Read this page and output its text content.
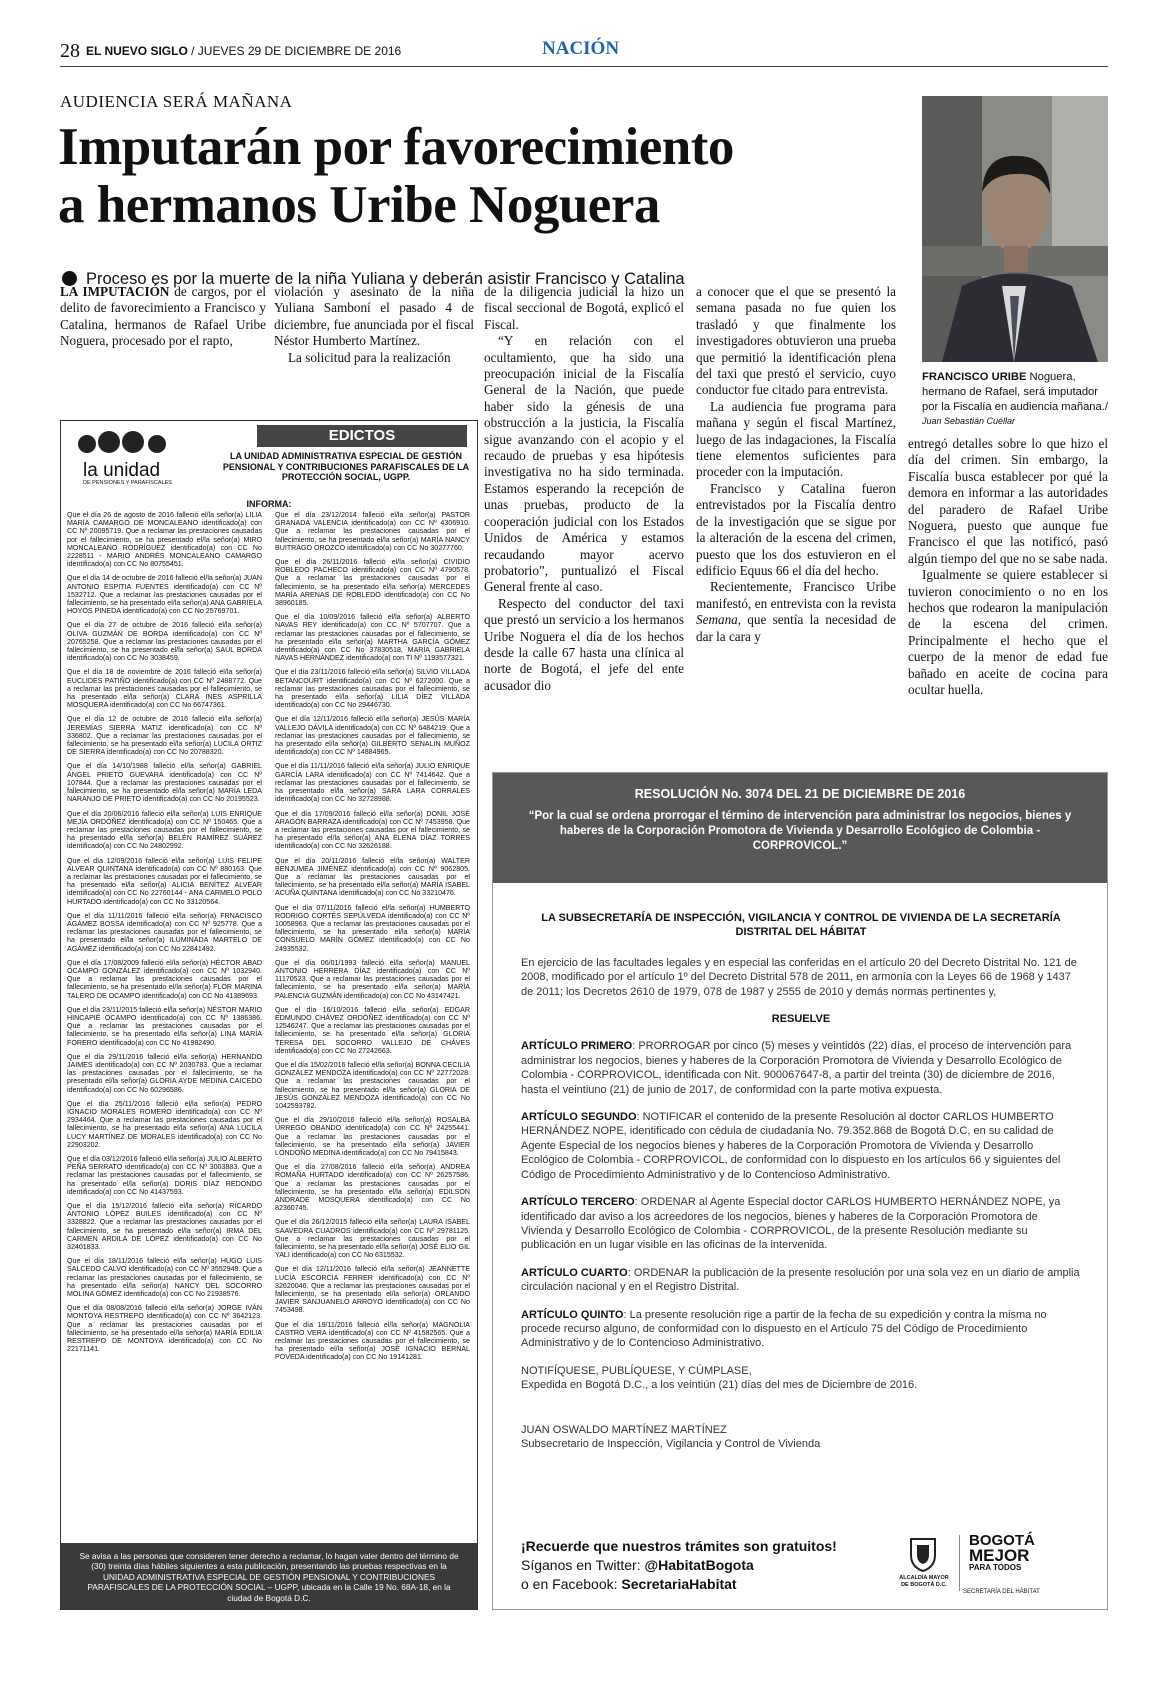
28 EL NUEVO SIGLO / JUEVES 29 DE DICIEMBRE DE 2016	NACIÓN
AUDIENCIA SERÁ MAÑANA
Imputarán por favorecimiento
a hermanos Uribe Noguera
Proceso es por la muerte de la niña Yuliana y deberán asistir Francisco y Catalina
FRANCISCO URIBE Noguera, hermano de Rafael, será imputador por la Fiscalía en audiencia mañana./
Juan Sebastián Cuéllar

LA IMPUTACIÓN de cargos, por el delito de favorecimiento a Francisco y Catalina, hermanos de Rafael Uribe Noguera, procesado por el rapto,

violación y asesinato de la niña Yuliana Samboní el pasado 4 de diciembre, fue anunciada por el fiscal Néstor Humberto Martínez.

La solicitud para la realización

de la diligencia judicial la hizo un fiscal seccional de Bogotá, explicó el Fiscal.

“Y en relación con el ocultamiento, que ha sido una preocupación inicial de la Fiscalía General de la Nación, que puede haber sido la génesis de una obstrucción a la justicia, la Fiscalía sigue avanzando con el acopio y el recaudo de pruebas y esa hipótesis investigativa no ha sido terminada. Estamos esperando la recepción de unas pruebas, producto de la cooperación judicial con los Estados Unidos de América y estamos recaudando mayor acervo probatorio”, puntualizó el Fiscal General frente al caso.

Respecto del conductor del taxi que prestó un servicio a los hermanos Uribe Noguera el día de los hechos desde la calle 67 hasta una clínica al norte de Bogotá, el jefe del ente acusador dio

a conocer que el que se presentó la semana pasada no fue quien los trasladó y que finalmente los investigadores obtuvieron una prueba que permitió la identificación plena del taxi que prestó el servicio, cuyo conductor fue citado para entrevista.

La audiencia fue programa para mañana y según el fiscal Martínez, luego de las indagaciones, la Fiscalía tiene elementos suficientes para proceder con la imputación.

Francisco y Catalina fueron entrevistados por la Fiscalía dentro de la investigación que se sigue por la alteración de la escena del crimen, puesto que los dos estuvieron en el edificio Equus 66 el día del hecho.

Recientemente, Francisco Uribe manifestó, en entrevista con la revista Semana, que sentía la necesidad de dar la cara y

entregó detalles sobre lo que hizo el día del crimen. Sin embargo, la Fiscalía busca establecer por qué la demora en informar a las autoridades del paradero de Rafael Uribe Noguera, puesto que aunque fue Francisco el que las notificó, pasó algún tiempo del que no se sabe nada.

Igualmente se quiere establecer si tuvieron conocimiento o no en los hechos que rodearon la manipulación de la escena del crimen. Principalmente el hecho que el cuerpo de la menor de edad fue bañado en aceite de cocina para ocultar huella.

la unidad
DE PENSIONES Y PARAFISCALES
EDICTOS
LA UNIDAD ADMINISTRATIVA ESPECIAL DE GESTIÓN PENSIONAL Y CONTRIBUCIONES PARAFISCALES DE LA PROTECCIÓN SOCIAL, UGPP.
INFORMA:

Que el día 26 de agosto de 2016 falleció el/la señor(a) LILIA MARÍA CAMARGO DE MONCALEANO identificado(a) con CC Nº 20095719. Que a reclamar las prestaciones causadas por el fallecimiento, se ha presentado el/la señor(a) MIRO MONCALEANO RODRÍGUEZ identificado(a) con CC No 2228511 - MARIO ANDRÉS MONCALEANO CAMARGO identificado(a) con CC No 80755451.

Que el día 14 de octubre de 2016 falleció el/la señor(a) JUAN ANTONIO ESPITIA FUENTES identificado(a) con CC Nº 1532712. Que a reclamar las prestaciones causadas por el fallecimiento, se ha presentado el/la señor(a) ANA GABRIELA HOYOS PINEDA identificado(a) con CC No 25769701.

Que el día 27 de octubre de 2016 falleció el/la señor(a) OLIVA GUZMÁN DE BORDA identificado(a) con CC Nº 20765258. Que a reclamar las prestaciones causadas por el fallecimiento, se ha presentado el/la señor(a) SAÚL BORDA identificado(a) con CC No 3038459.

Que el día 18 de noviembre de 2016 falleció el/la señor(a) EUCLIDES PATIÑO identificado(a) con CC Nº 2488772. Que a reclamar las prestaciones causadas por el fallecimiento, se ha presentado el/la señor(a) CLARA INES ASPRILLA MOSQUERA identificado(a) con CC No 66747361.

Que el día 12 de octubre de 2016 falleció el/la señor(a) JEREMÍAS SIERRA MATIZ identificado(a) con CC Nº 336802. Que a reclamar las prestaciones causadas por el fallecimiento, se ha presentado el/la señor(a) LUCILA ORTIZ DE SIERRA identificado(a) con CC No 20788320.

Que el día 14/10/1988 falleció el/la señor(a) GABRIEL ÁNGEL PRIETO GUEVARA identificado(a) con CC Nº 107844. Que a reclamar las prestaciones causadas por el fallecimiento, se ha presentado el/la señor(a) MARÍA LEDA NARANJO DE PRIETO identificado(a) con CC No 20195523.

Que el día 20/06/2016 falleció el/la señor(a) LUIS ENRIQUE MEJÍA ORDÓÑEZ identificado(a) con CC Nº 150465. Que a reclamar las prestaciones causadas por el fallecimiento, se ha presentado el/la señor(a) BELÉN RAMÍREZ SUÁREZ identificado(a) con CC No 24802992.

Que el día 12/09/2016 falleció el/la señor(a) LUIS FELIPE ALVEAR QUINTANA identificado(a) con CC Nº 880163. Que a reclamar las prestaciones causadas por el fallecimiento, se ha presentado el/la señor(a) ALICIA BENÍTEZ ALVEAR identificado(a) con CC No 22760144 - ANA CARMELO POLO HURTADO identificado(a) con CC No 33120564.

Que el día 11/11/2016 falleció el/la señor(a) FRNACISCO AGÁMEZ BOSSA identificado(a) con CC Nº 925778. Que a reclamar las prestaciones causadas por el fallecimiento, se ha presentado el/la señor(a) ILUMINADA MARTELO DE AGÁMEZ identificado(a) con CC No 22841492.

Que el día 17/08/2009 falleció el/la señor(a) HÉCTOR ABAD OCAMPO GONZÁLEZ identificado(a) con CC Nº 1032940. Que a reclamar las prestaciones causadas por el fallecimiento, se ha presentado el/la señor(a) FLOR MARINA TALERO DE OCAMPO identificado(a) con CC No 41389693.

Que el día 23/11/2015 falleció el/la señor(a) NÉSTOR MARIO HINCAPIÉ OCAMPO identificado(a) con CC Nº 1386386. Que a reclamar las prestaciones causadas por el fallecimiento, se ha presentado el/la señor(a) LINA MARÍA FORERO identificado(a) con CC No 41982490.

Que el día 29/11/2016 falleció el/la señor(a) HERNANDO JAIMES identificado(a) con CC Nº 2030783. Que a reclamar las prestaciones causadas por el fallecimiento, se ha presentado el/la señor(a) GLORIA AYDE MEDINA CAICEDO identificado(a) con CC No 60296586.

Que el día 25/11/2016 falleció el/la señor(a) PEDRO IGNACIO MORALES ROMERO identificado(a) con CC Nº 2934464. Que a reclamar las prestaciones causadas por el fallecimiento, se ha presentado el/la señor(a) ANA LUCILA LUCY MARTÍNEZ DE MORALES identificado(a) con CC No 22903202.

Que el día 03/12/2016 falleció el/la señor(a) JULIO ALBERTO PEÑA SERRATO identificado(a) con CC Nº 3003883. Que a reclamar las prestaciones causadas por el fallecimiento, se ha presentado el/la señor(a) DORIS DÍAZ REDONDO identificado(a) con CC No 41437593.

Que el día 15/12/2016 falleció el/la señor(a) RICARDO ANTONIO LÓPEZ BUILES identificado(a) con CC Nº 3328822. Que a reclamar las prestaciones causadas por el fallecimiento, se ha presentado el/la señor(a) IRMA DEL CARMEN ARDILA DE LÓPEZ identificado(a) con CC No 32401833.

Que el día 18/11/2016 falleció el/la señor(a) HUGO LUIS SALCEDO CALVO identificado(a) con CC Nº 3552949. Que a reclamar las prestaciones causadas por el fallecimiento, se ha presentado el/la señor(a) NANCY DEL SOCORRO MOLINA GÓMEZ identificado(a) con CC No 21938576.

Que el día 08/08/2016 falleció el/la señor(a) JORGE IVÁN MONTOYA RESTREPO identificado(a) con CC Nº 3642123. Que a reclamar las prestaciones causadas por el fallecimiento, se ha presentado el/la señor(a) MARÍA EDILIA RESTREPO DE MONTOYA identificado(a) con CC No 22171141.

Que el día 23/12/2014 falleció el/la señor(a) PASTOR GRANADA VALENCIA identificado(a) con CC Nº 4306910. Que a reclamar las prestaciones causadas por el fallecimiento, se ha presentado el/la señor(a) MARÍA NANCY BUITRAGO OROZCO identificado(a) con CC No 30277760.

Que el día 26/11/2016 falleció el/la señor(a) CIVIDIO ROBLEDO PACHECO identificado(a) con CC Nº 4790578. Que a reclamar las prestaciones causadas por el fallecimiento, se ha presentado el/la señor(a) MERCEDES MARÍA ARENAS DE ROBLEDO identificado(a) con CC No 38960185.

Que el día 10/09/2016 falleció el/la señor(a) ALBERTO NAVAS REY identificado(a) con CC Nº 5707707. Que a reclamar las prestaciones causadas por el fallecimiento, se ha presentado el/la señor(a) MARTHA GARCÍA GÓMEZ identificado(a) con CC No 37830518, MARÍA GABRIELA NAVAS HERNÁNDEZ identificado(a) con TI Nº 1193577321.

Que el día 23/11/2016 falleció el/la señor(a) SILVIO VILLADA BETANCOURT identificado(a) con CC Nº 6272000. Que a reclamar las prestaciones causadas por el fallecimiento, se ha presentado el/la señor(a) LILIA DÍEZ VILLADA identificado(a) con CC No 29446730.

Que el día 12/11/2016 falleció el/la señor(a) JESÚS MARÍA VALLEJO DÁVILA identificado(a) con CC Nº 6484219. Que a reclamar las prestaciones causadas por el fallecimiento, se ha presentado el/la señor(a) GILBERTO SENALIN MUÑOZ identificado(a) con CC Nº 14884965.

Que el día 11/11/2016 falleció el/la señor(a) JULIO ENRIQUE GARCÍA LARA identificado(a) con CC Nº 7414642. Que a reclamar las prestaciones causadas por el fallecimiento, se ha presentado el/la señor(a) SARA LARA CORRALES identificado(a) con CC No 32728988.

Que el día 17/09/2016 falleció el/la señor(a) DONIL JOSÉ ARAGÓN BARRAZA identificado(a) con CC Nº 7453958. Que a reclamar las prestaciones causadas por el fallecimiento, se ha presentado el/la señor(a) ANA ELENA DÍAZ TORRES identificado(a) con CC No 32626188.

Que el día 20/11/2016 falleció el/la señor(a) WALTER BENJUMEA JIMÉNEZ identificado(a) con CC Nº 9062805. Que a reclamar las prestaciones causadas por el fallecimiento, se ha presentado el/la señor(a) MARÍA ISABEL ACUÑA QUINTANA identificado(a) con CC No 33210476.

Que el día 07/11/2016 falleció el/la señor(a) HUMBERTO RODRIGO CORTÉS SEPÚLVEDA identificado(a) con CC Nº 10058963. Que a reclamar las prestaciones causadas por el fallecimiento, se ha presentado el/la señor(a) MARÍA CONSUELO MARÍN GÓMEZ identificado(a) con CC No 24935532.

Que el día 06/01/1993 falleció el/la señor(a) MANUEL ANTONIO HERRERA DÍAZ identificado(a) con CC Nº 11170523. Que a reclamar las prestaciones causadas por el fallecimiento, se ha presentado el/la señor(a) MARÍA PALENCIA GUZMÁN identificado(a) con CC No 43147421.

Que el día 16/10/2016 falleció el/la señor(a) EDGAR EDMUNDO CHÁVEZ ORDÓÑEZ identificado(a) con CC Nº 12546247. Que a reclamar las prestaciones causadas por el fallecimiento, se ha presentado el/la señor(a) GLORIA TERESA DEL SOCORRO VALLEJO DE CHÁVES identificado(a) con CC No 27242663.

Que el día 15/02/2016 falleció el/la señor(a) BONNA CECILIA GONZÁLEZ MENDOZA identificado(a) con CC Nº 22772028. Que a reclamar las prestaciones causadas por el fallecimiento, se ha presentado el/la señor(a) GLORIA DE JESÚS GONZÁLEZ MENDOZA identificado(a) con CC No 1042593782.

Que el día 29/10/2016 falleció el/la señor(a) ROSALBA URREGO OBANDO identificado(a) con CC Nº 24255441. Que a reclamar las prestaciones causadas por el fallecimiento, se ha presentado el/la señor(a) JAVIER LONDOÑO MEDINA identificado(a) con CC No 79415843.

Que el día 27/08/2016 falleció el/la señor(a) ANDREA ROMAÑA HURTADO identificado(a) con CC Nº 26257586. Que a reclamar las prestaciones causadas por el fallecimiento, se ha presentado el/la señor(a) EDILSON ANDRADE MOSQUERA identificado(a) con CC No 82360745.

Que el día 26/12/2015 falleció el/la señor(a) LAURA ISABEL SAAVEDRA CUADROS identificado(a) con CC Nº 29781125. Que a reclamar las prestaciones causadas por el fallecimiento, se ha presentado el/la señor(a) JOSÉ ELIO GIL YALI identificado(a) con CC No 6315532.

Que el día 12/11/2016 falleció el/la señor(a) JEANNETTE LUCÍA ESCORCIA FERRER identificado(a) con CC Nº 32620046. Que a reclamar las prestaciones causadas por el fallecimiento, se ha presentado el/la señor(a) ORLANDO JAVIER SANJUANELO ARROYO identificado(a) con CC No 7453498.

Que el día 19/11/2016 falleció el/la señor(a) MAGNOLIA CASTRO VERA identificado(a) con CC Nº 41582565. Que a reclamar las prestaciones causadas por el fallecimiento, se ha presentado el/la señor(a) JOSÉ IGNACIO BERNAL POVEDA identificado(a) con CC No 19141281.

Se avisa a las personas que consideren tener derecho a reclamar, lo hagan valer dentro del término de (30) treinta días hábiles siguientes a esta publicación, presentando las pruebas respectivas en la UNIDAD ADMINISTRATIVA ESPECIAL DE GESTIÓN PENSIONAL Y CONTRIBUCIONES PARAFISCALES DE LA PROTECCIÓN SOCIAL – UGPP, ubicada en la Calle 19 No. 68A-18, en la ciudad de Bogotá D.C.
RESOLUCIÓN No. 3074 DEL 21 DE DICIEMBRE DE 2016
“Por la cual se ordena prorrogar el término de intervención para administrar los negocios, bienes y haberes de la Corporación Promotora de Vivienda y Desarrollo Ecológico de Colombia - CORPROVICOL.”

LA SUBSECRETARÍA DE INSPECCIÓN, VIGILANCIA Y CONTROL DE VIVIENDA DE LA SECRETARÍA DISTRITAL DEL HÁBITAT

En ejercicio de las facultades legales y en especial las conferidas en el artículo 20 del Decreto Distrital No. 121 de 2008, modificado por el artículo 1º del Decreto Distrital 578 de 2011, en armonía con la Leyes 66 de 1968 y 1437 de 2011; los Decretos 2610 de 1979, 078 de 1987 y 2555 de 2010 y demás normas pertinentes y,

RESUELVE

ARTÍCULO PRIMERO: PRORROGAR por cinco (5) meses y veintidós (22) días, el proceso de intervención para administrar los negocios, bienes y haberes de la Corporación Promotora de Vivienda y Desarrollo Ecológico de Colombia - CORPROVICOL, identificada con Nit. 900067647-8, a partir del treinta (30) de diciembre de 2016, hasta el veintiuno (21) de junio de 2017, de conformidad con la parte motiva expuesta.

ARTÍCULO SEGUNDO: NOTIFICAR el contenido de la presente Resolución al doctor CARLOS HUMBERTO HERNÁNDEZ NOPE, identificado con cédula de ciudadanía No. 79.352.868 de Bogotá D.C, en su calidad de Agente Especial de los negocios bienes y haberes de la Corporación Promotora de Vivienda y Desarrollo Ecológico de Colombia - CORPROVICOL, de conformidad con lo dispuesto en los artículos 66 y siguientes del Código de Procedimiento Administrativo y de lo Contencioso Administrativo.

ARTÍCULO TERCERO: ORDENAR al Agente Especial doctor CARLOS HUMBERTO HERNÁNDEZ NOPE, ya identificado dar aviso a los acreedores de los negocios, bienes y haberes de la Corporación Promotora de Vivienda y Desarrollo Ecológico de Colombia - CORPROVICOL, de la presente Resolución mediante su publicación en un lugar visible en las oficinas de la intervenida.

ARTÍCULO CUARTO: ORDENAR la publicación de la presente resolución por una sola vez en un diario de amplia circulación nacional y en el Registro Distrital.

ARTÍCULO QUINTO: La presente resolución rige a partir de la fecha de su expedición y contra la misma no procede recurso alguno, de conformidad con lo dispuesto en el Artículo 75 del Código de Procedimiento Administrativo y de lo Contencioso Administrativo.

NOTIFÍQUESE, PUBLÍQUESE, Y CÚMPLASE,

Expedida en Bogotá D.C., a los veintiún (21) días del mes de Diciembre de 2016.

JUAN OSWALDO MARTÍNEZ MARTÍNEZ

Subsecretario de Inspección, Vigilancia y Control de Vivienda

¡Recuerde que nuestros trámites son gratuitos!
Síganos en Twitter: @HabitatBogota
o en Facebook: SecretariaHabitat	ALCALDÍA MAYOR DE BOGOTÁ D.C.
BOGOTÁ
MEJOR
PARA TODOS
SECRETARÍA DEL HÁBITAT
